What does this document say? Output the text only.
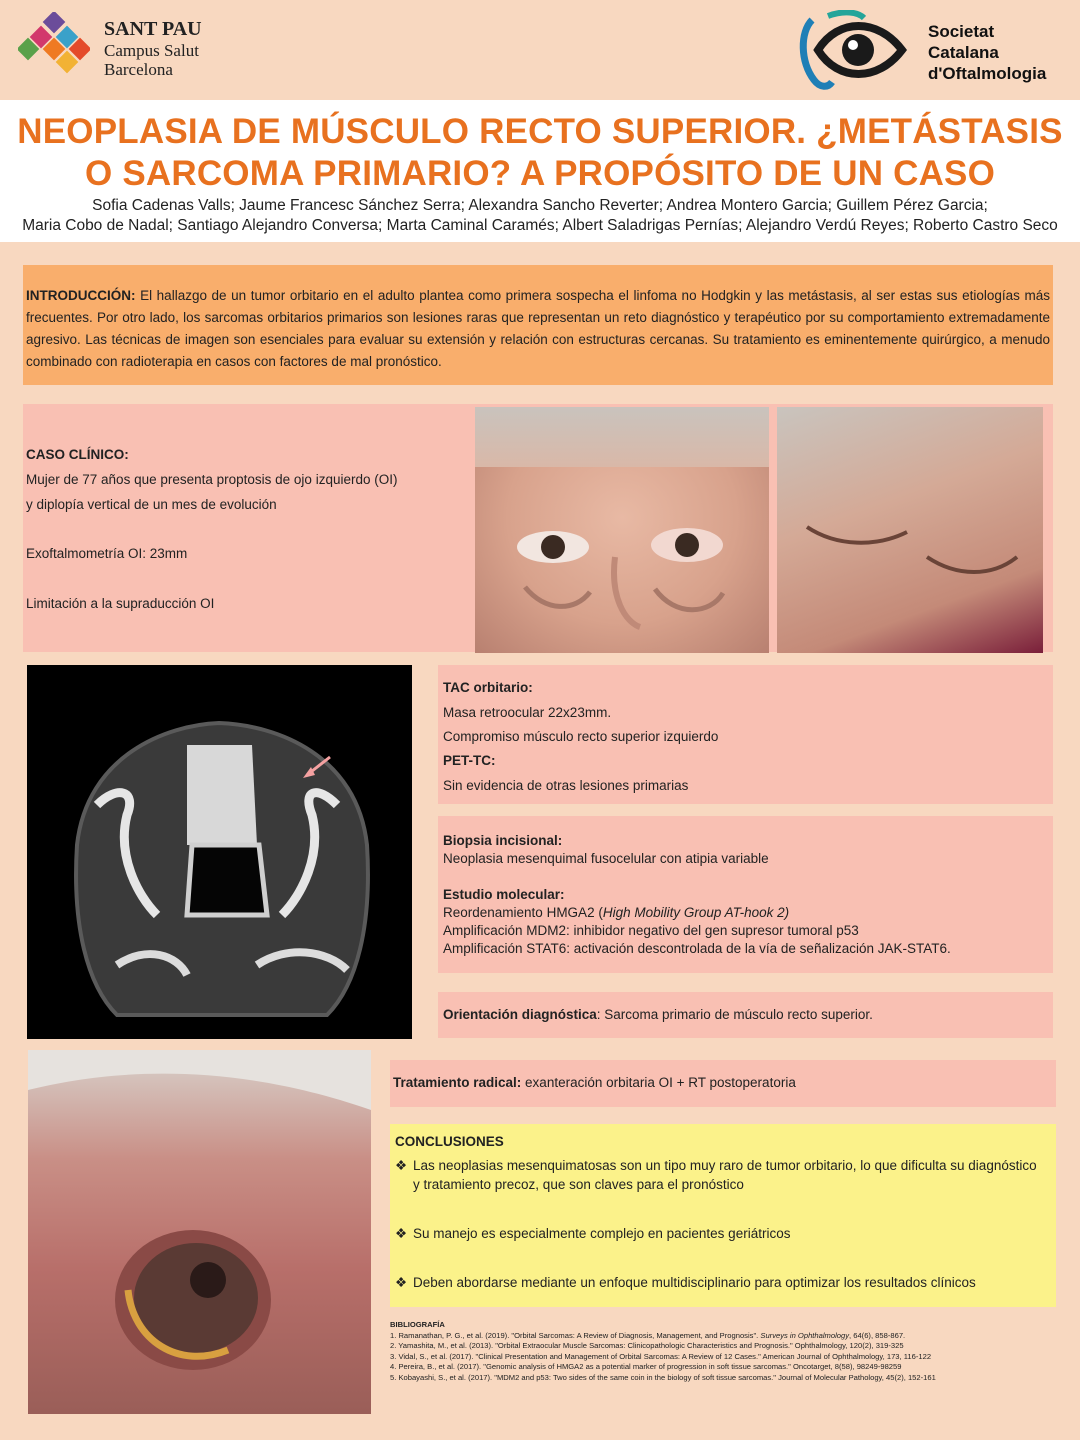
SANT PAU
Campus Salut
Barcelona
Societat
Catalana
d'Oftalmologia
NEOPLASIA DE MÚSCULO RECTO SUPERIOR. ¿METÁSTASIS
O SARCOMA PRIMARIO? A PROPÓSITO DE UN CASO
Sofia Cadenas Valls; Jaume Francesc Sánchez Serra; Alexandra Sancho Reverter; Andrea Montero Garcia; Guillem Pérez Garcia;
Maria Cobo de Nadal; Santiago Alejandro Conversa; Marta Caminal Caramés; Albert Saladrigas Pernías; Alejandro Verdú Reyes; Roberto Castro Seco

INTRODUCCIÓN: El hallazgo de un tumor orbitario en el adulto plantea como primera sospecha el linfoma no Hodgkin y las metástasis, al ser estas sus etiologías más frecuentes. Por otro lado, los sarcomas orbitarios primarios son lesiones raras que representan un reto diagnóstico y terapéutico por su comportamiento extremadamente agresivo. Las técnicas de imagen son esenciales para evaluar su extensión y relación con estructuras cercanas. Su tratamiento es eminentemente quirúrgico, a menudo combinado con radioterapia en casos con factores de mal pronóstico.

CASO CLÍNICO:
Mujer de 77 años que presenta proptosis de ojo izquierdo (OI)
y diplopía vertical de un mes de evolución
Exoftalmometría OI: 23mm
Limitación a la supraducción OI
TAC orbitario:
Masa retroocular 22x23mm.
Compromiso músculo recto superior izquierdo
PET-TC:
Sin evidencia de otras lesiones primarias
Biopsia incisional:
Neoplasia mesenquimal fusocelular con atipia variable
Estudio molecular:
Reordenamiento HMGA2 (High Mobility Group AT-hook 2)
Amplificación MDM2: inhibidor negativo del gen supresor tumoral p53
Amplificación STAT6: activación descontrolada de la vía de señalización JAK-STAT6.
Orientación diagnóstica: Sarcoma primario de músculo recto superior.
Tratamiento radical: exanteración orbitaria OI + RT postoperatoria
CONCLUSIONES
❖ Las neoplasias mesenquimatosas son un tipo muy raro de tumor orbitario, lo que dificulta su diagnóstico y tratamiento precoz, que son claves para el pronóstico
❖ Su manejo es especialmente complejo en pacientes geriátricos
❖ Deben abordarse mediante un enfoque multidisciplinario para optimizar los resultados clínicos
BIBLIOGRAFÍA
1. Ramanathan, P. G., et al. (2019). "Orbital Sarcomas: A Review of Diagnosis, Management, and Prognosis". Surveys in Ophthalmology, 64(6), 858-867.
2. Yamashita, M., et al. (2013). "Orbital Extraocular Muscle Sarcomas: Clinicopathologic Characteristics and Prognosis." Ophthalmology, 120(2), 319-325
3. Vidal, S., et al. (2017). "Clinical Presentation and Management of Orbital Sarcomas: A Review of 12 Cases." American Journal of Ophthalmology, 173, 116-122
4. Pereira, B., et al. (2017). "Genomic analysis of HMGA2 as a potential marker of progression in soft tissue sarcomas." Oncotarget, 8(58), 98249-98259
5. Kobayashi, S., et al. (2017). "MDM2 and p53: Two sides of the same coin in the biology of soft tissue sarcomas." Journal of Molecular Pathology, 45(2), 152-161
